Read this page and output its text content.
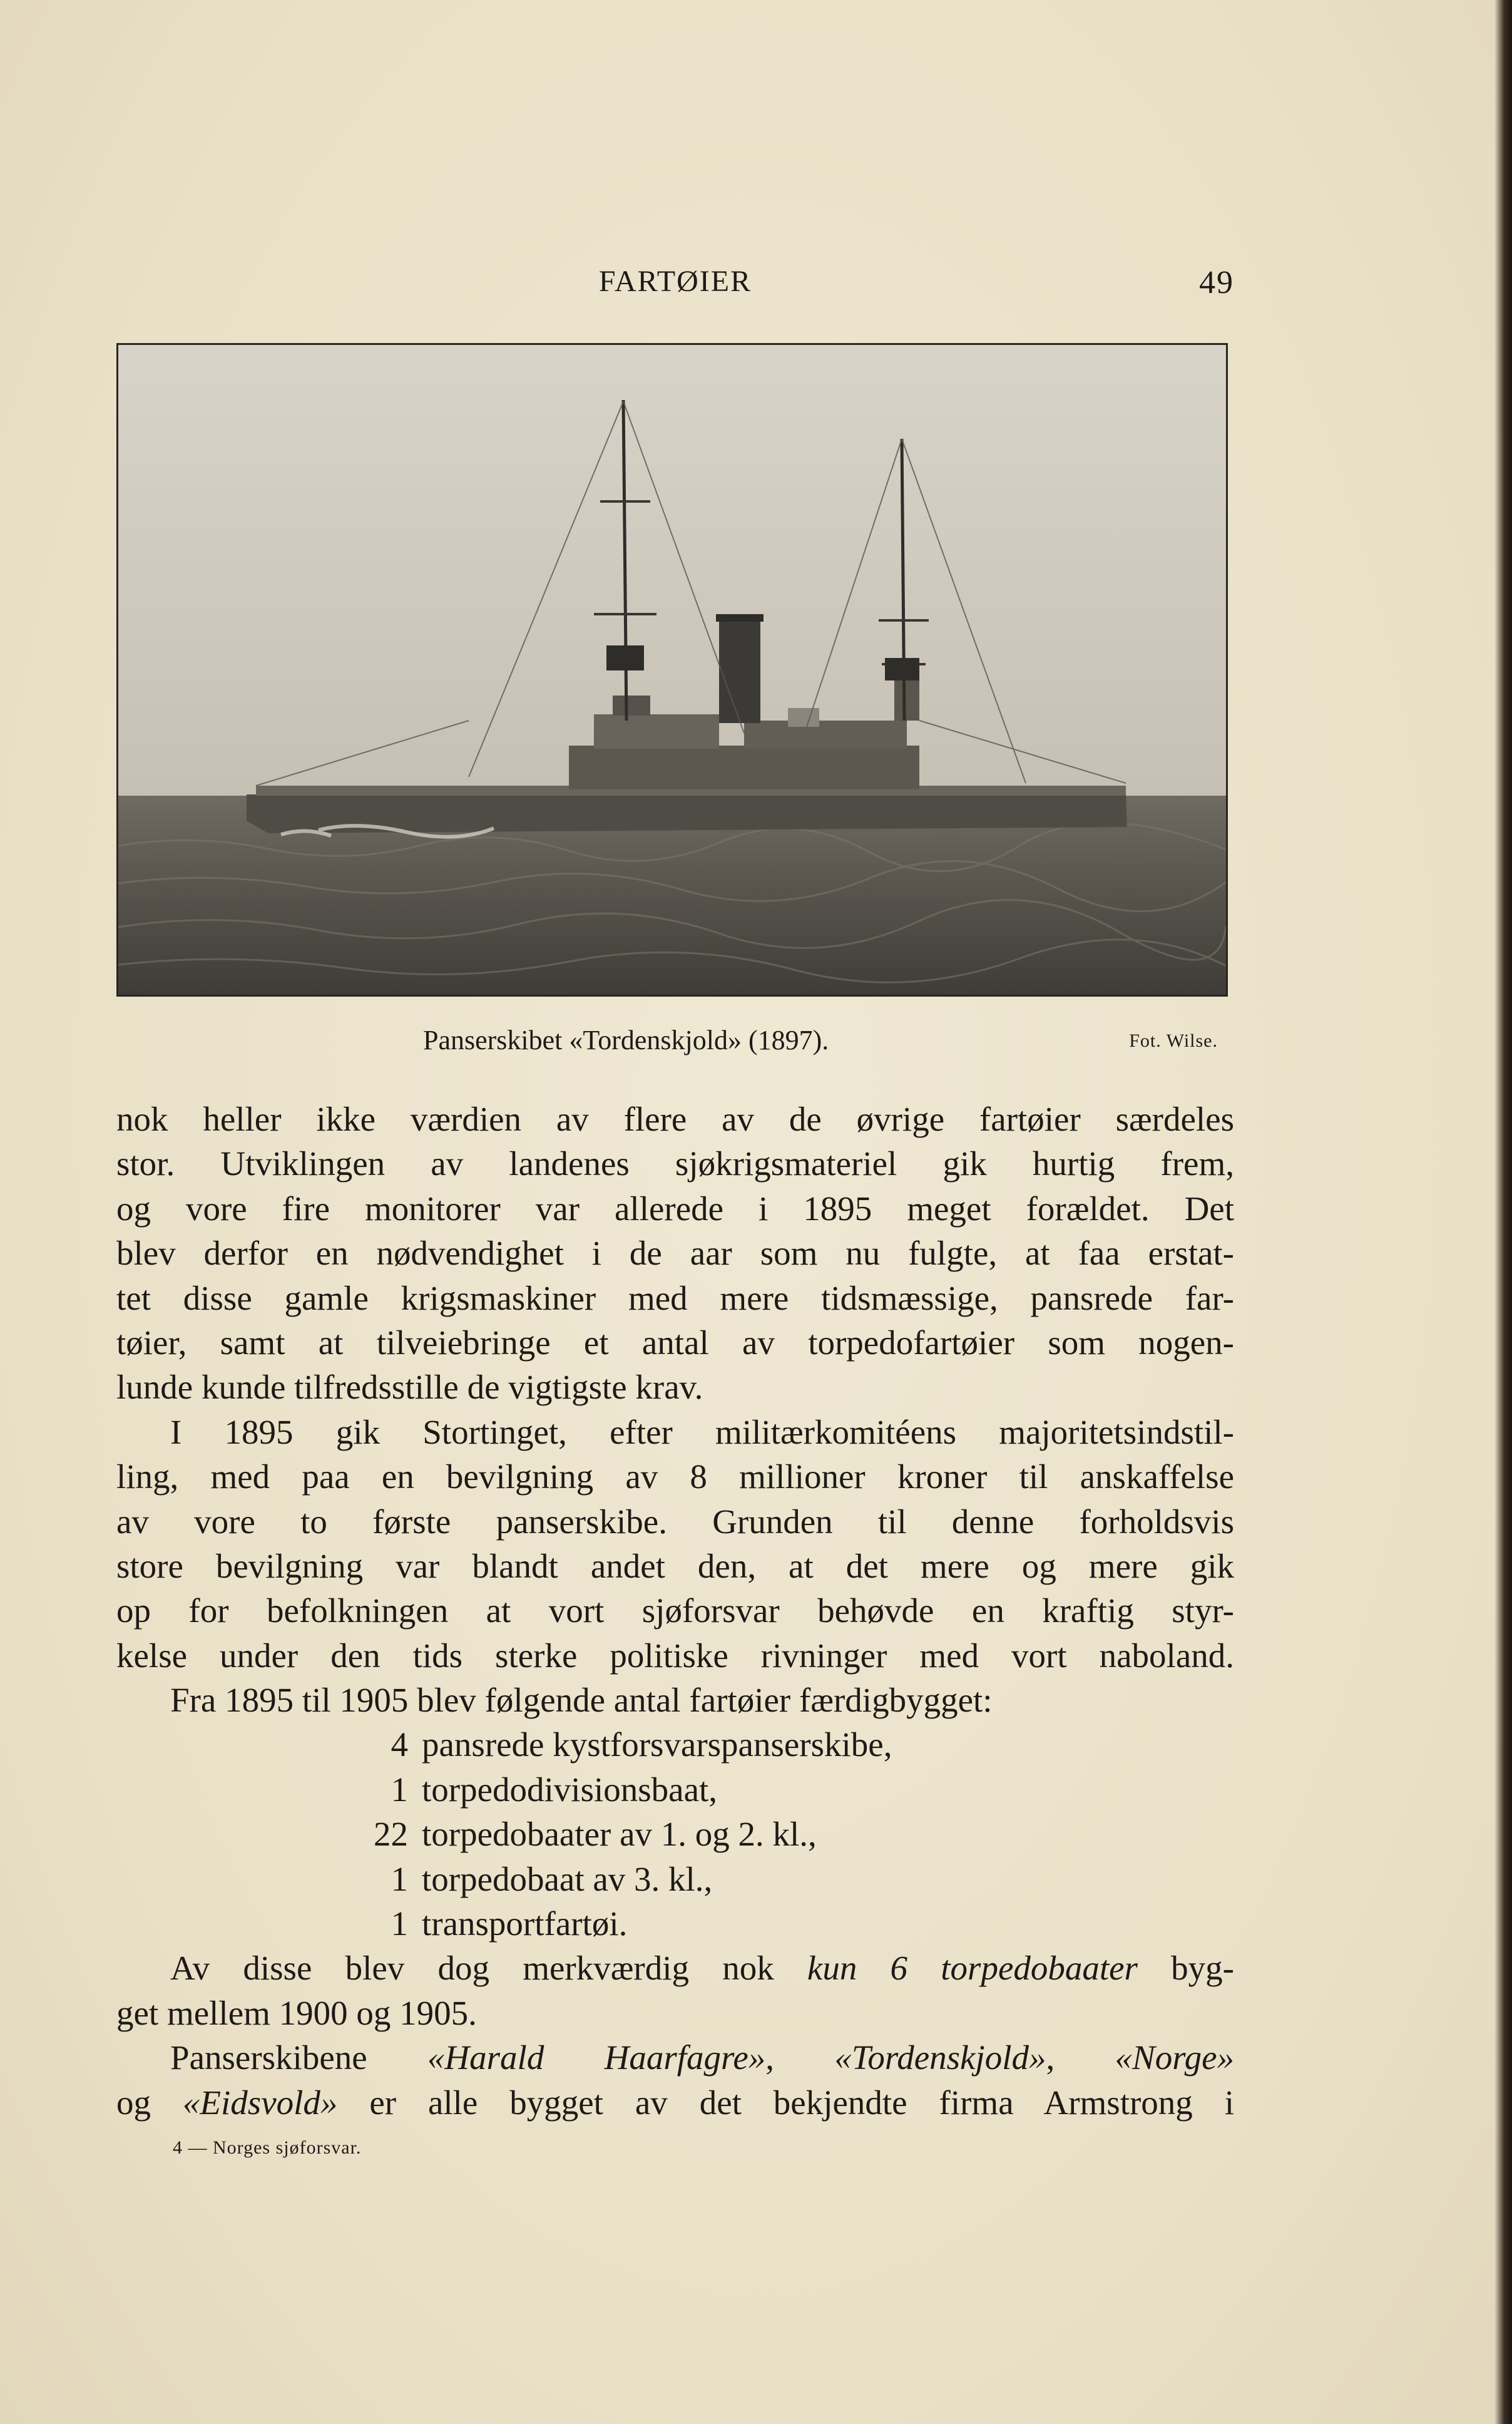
FARTØIER	49
Panserskibet «Tordenskjold» (1897).	Fot. Wilse.
nok heller ikke værdien av flere av de øvrige fartøier særdeles
stor. Utviklingen av landenes sjøkrigsmateriel gik hurtig frem,
og vore fire monitorer var allerede i 1895 meget forældet. Det
blev derfor en nødvendighet i de aar som nu fulgte, at faa erstat-
tet disse gamle krigsmaskiner med mere tidsmæssige, pansrede far-
tøier, samt at tilveiebringe et antal av torpedofartøier som nogen-
lunde kunde tilfredsstille de vigtigste krav.
I 1895 gik Stortinget, efter militærkomitéens majoritetsindstil-
ling, med paa en bevilgning av 8 millioner kroner til anskaffelse
av vore to første panserskibe. Grunden til denne forholdsvis
store bevilgning var blandt andet den, at det mere og mere gik
op for befolkningen at vort sjøforsvar behøvde en kraftig styr-
kelse under den tids sterke politiske rivninger med vort naboland.
Fra 1895 til 1905 blev følgende antal fartøier færdigbygget:
4 pansrede kystforsvarspanserskibe,
1 torpedodivisionsbaat,
22 torpedobaater av 1. og 2. kl.,
1 torpedobaat av 3. kl.,
1 transportfartøi.
Av disse blev dog merkværdig nok kun 6 torpedobaater byg-
get mellem 1900 og 1905.
Panserskibene «Harald Haarfagre», «Tordenskjold», «Norge»
og «Eidsvold» er alle bygget av det bekjendte firma Armstrong i
4 — Norges sjøforsvar.
